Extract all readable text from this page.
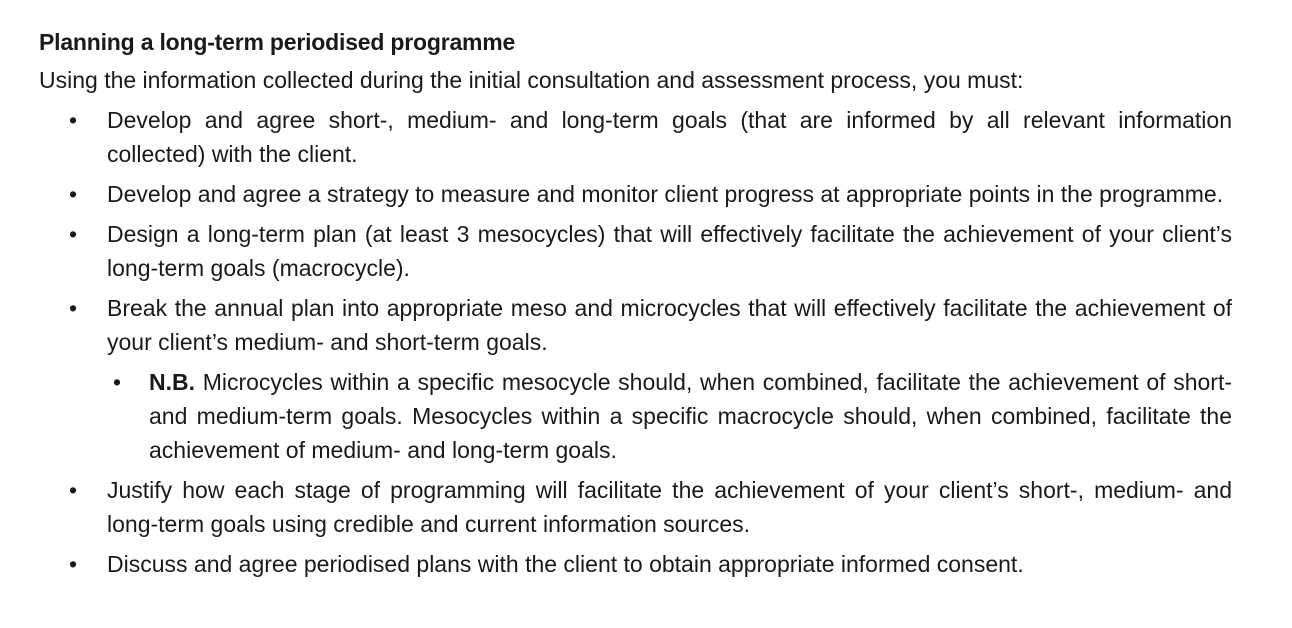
Planning a long-term periodised programme
Using the information collected during the initial consultation and assessment process, you must:
• Develop and agree short-, medium- and long-term goals (that are informed by all relevant information collected) with the client.
• Develop and agree a strategy to measure and monitor client progress at appropriate points in the programme.
• Design a long-term plan (at least 3 mesocycles) that will effectively facilitate the achievement of your client’s long-term goals (macrocycle).
• Break the annual plan into appropriate meso and microcycles that will effectively facilitate the achievement of your client’s medium- and short-term goals.
• N.B. Microcycles within a specific mesocycle should, when combined, facilitate the achievement of short- and medium-term goals. Mesocycles within a specific macrocycle should, when combined, facilitate the achievement of medium- and long-term goals.
• Justify how each stage of programming will facilitate the achievement of your client’s short-, medium- and long-term goals using credible and current information sources.
• Discuss and agree periodised plans with the client to obtain appropriate informed consent.
